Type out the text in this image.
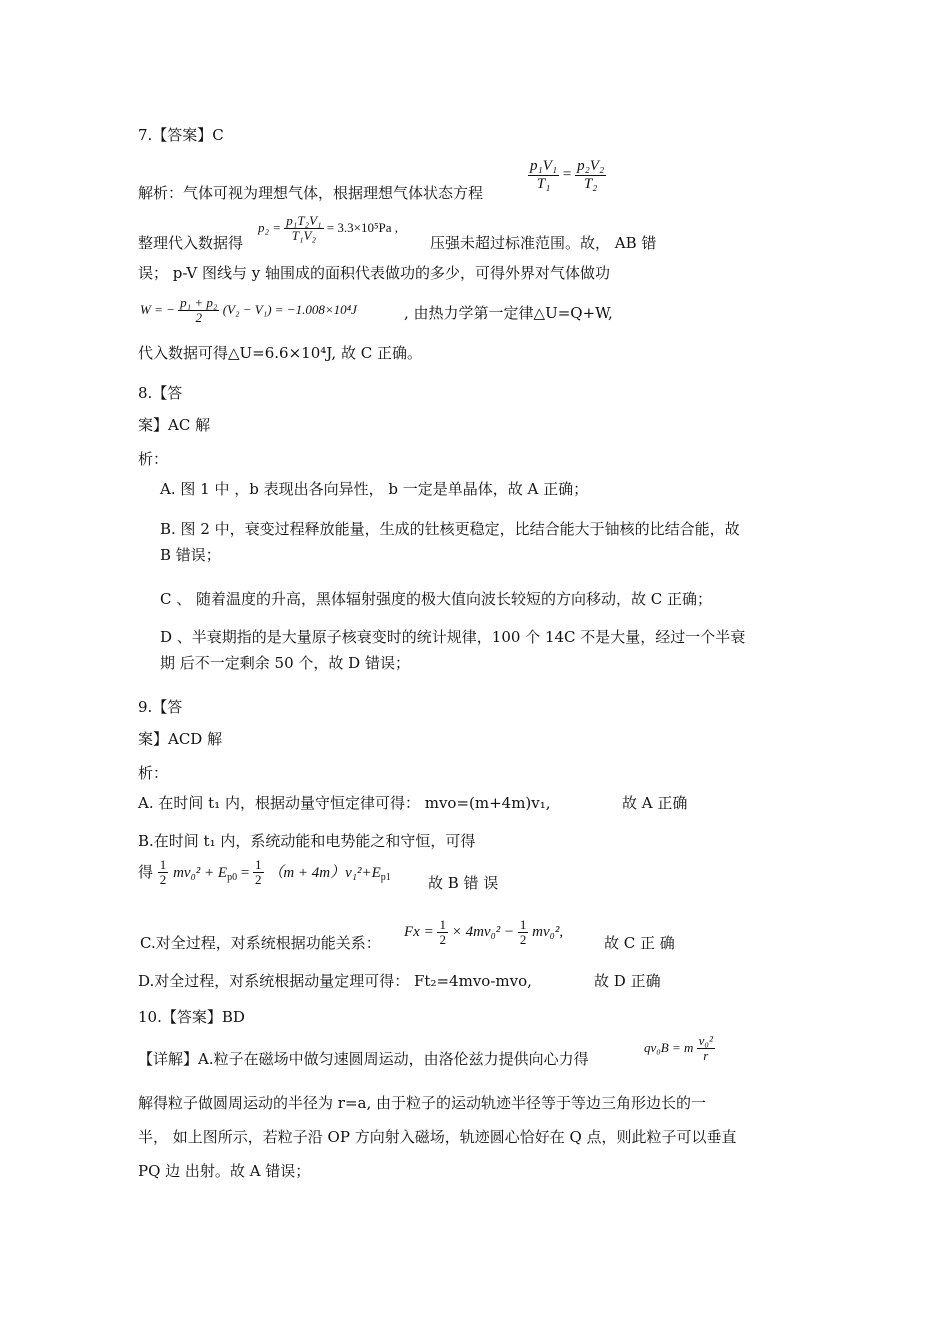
7.【答案】C
$\frac{\text{p₁V₁}}{\text{T₁}} = \frac{\text{p₂V₂}}{\text{T₂}}$
解析：气体可视为理想气体，根据理想气体状态方程
整理代入数据得
$p_2 = \frac{\text{p₁T₂V₁}}{\text{T₁V₂}} = 3.3\times 10^5Pa$ ,
压强未超过标准范围。故， AB 错
误； p-V 图线与 y 轴围成的面积代表做功的多少，可得外界对气体做功
W = − $\frac{\text{p₁ + p₂}}{2} (V_2 - V_1) = -1.008\times 10^4J$	, 由热力学第一定律△U=Q+W,
代入数据可得△U=6.6×10⁴J, 故 C 正确。
8.【答
案】AC 解
析：
A. 图 1 中 ，b 表现出各向异性， b 一定是单晶体，故 A 正确；
B. 图 2 中，衰变过程释放能量，生成的钍核更稳定，比结合能大于铀核的比结合能，故
B 错误；
C 、 随着温度的升高，黑体辐射强度的极大值向波长较短的方向移动，故 C 正确；
D 、半衰期指的是大量原子核衰变时的统计规律，100 个 14C 不是大量，经过一个半衰
期 后不一定剩余 50 个，故 D 错误；
9.【答
案】ACD 解
析：
A. 在时间 t₁ 内，根据动量守恒定律可得： mvo=(m+4m)v₁,	故 A 正确
B.在时间 t₁ 内，系统动能和电势能之和守恒，可得
得 $\frac{1}{2} mv_0^2 + E_{p0} = \frac{1}{2} (m + 4m)v_1^2+E_{p1}$ 故 B 错 误
C.对全过程，对系统根据功能关系：
$Fx = \frac{1}{2} \times 4mv_0^2 - \frac{1}{2} mv_0^2$,
故 C 正 确
D.对全过程，对系统根据动量定理可得： Ft₂=4mvo-mvo,	故 D 正确
10.【答案】BD
【详解】A.粒子在磁场中做匀速圆周运动，由洛伦兹力提供向心力得
qv₀B = m $\frac{\text{v₀²}}{r}$
解得粒子做圆周运动的半径为 r=a, 由于粒子的运动轨迹半径等于等边三角形边长的一
半， 如上图所示，若粒子沿 OP 方向射入磁场，轨迹圆心恰好在 Q 点，则此粒子可以垂直
PQ 边 出射。故 A 错误；
